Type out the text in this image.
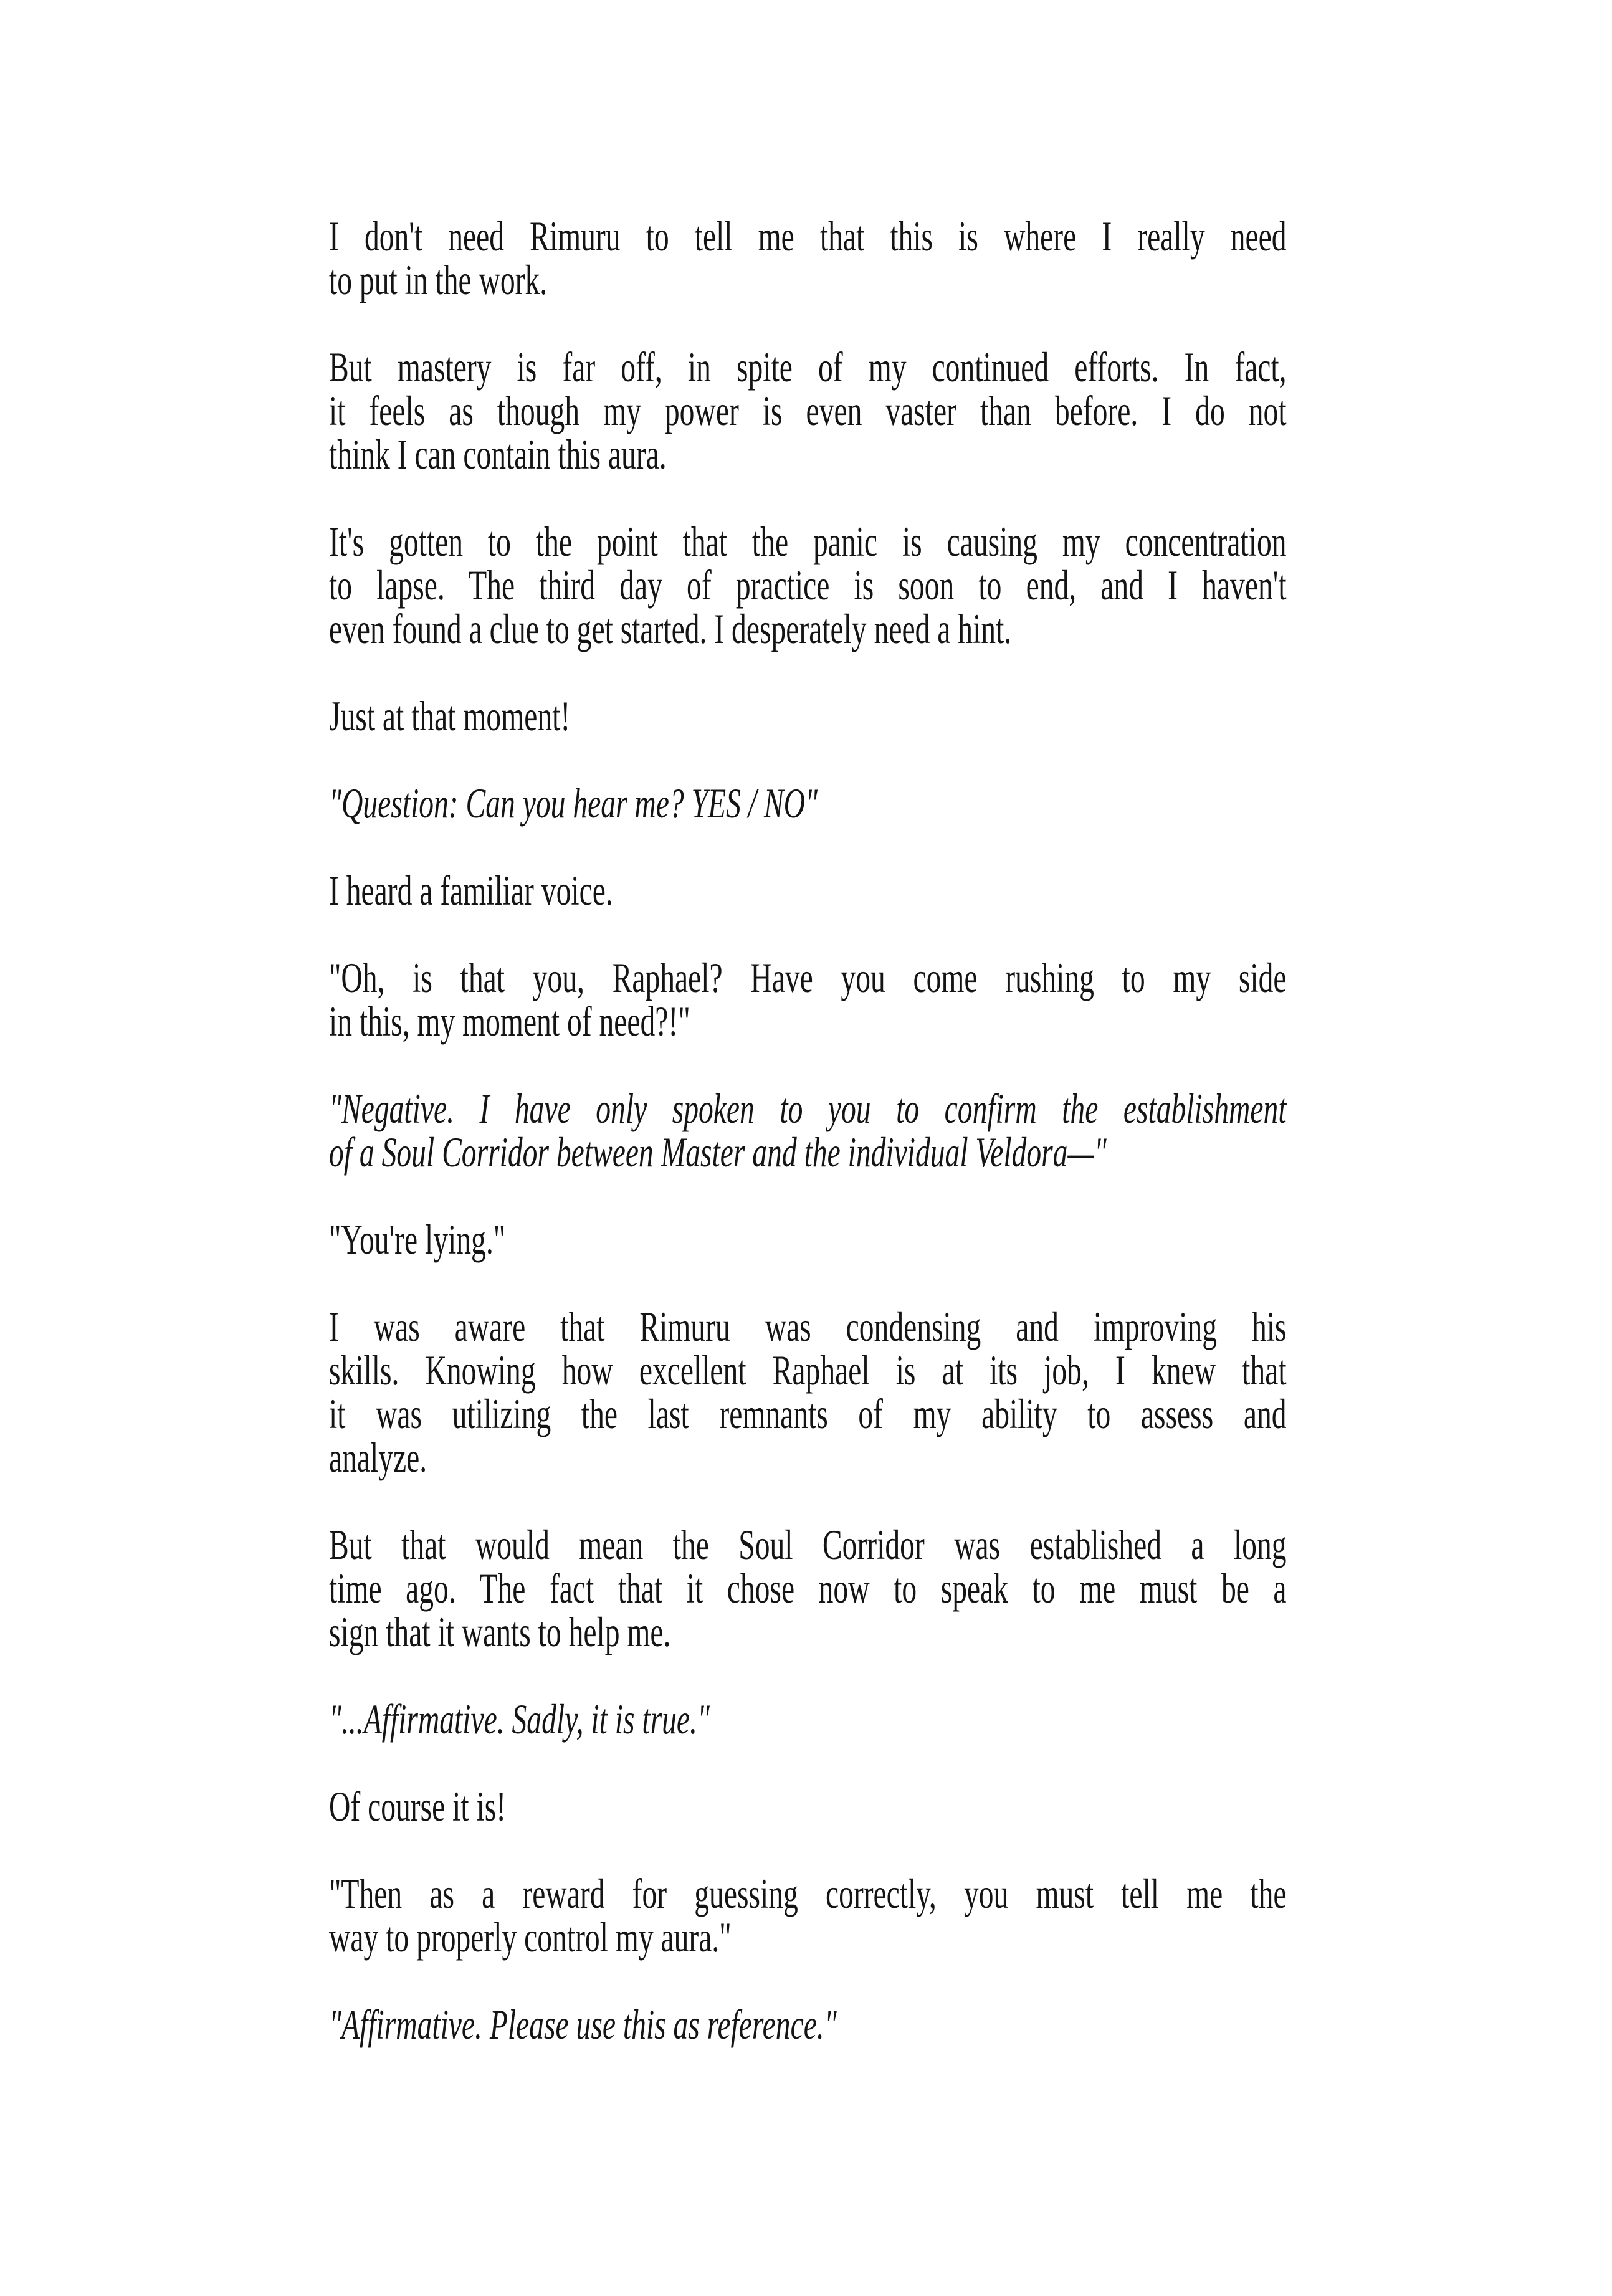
I don't need Rimuru to tell me that this is where I really need
to put in the work.

But mastery is far off, in spite of my continued efforts. In fact,
it feels as though my power is even vaster than before. I do not
think I can contain this aura.

It's gotten to the point that the panic is causing my concentration
to lapse. The third day of practice is soon to end, and I haven't
even found a clue to get started. I desperately need a hint.

Just at that moment!

"Question: Can you hear me? YES / NO"

I heard a familiar voice.

"Oh, is that you, Raphael? Have you come rushing to my side
in this, my moment of need?!"

"Negative. I have only spoken to you to confirm the establishment
of a Soul Corridor between Master and the individual Veldora—"

"You're lying."

I was aware that Rimuru was condensing and improving his
skills. Knowing how excellent Raphael is at its job, I knew that
it was utilizing the last remnants of my ability to assess and
analyze.

But that would mean the Soul Corridor was established a long
time ago. The fact that it chose now to speak to me must be a
sign that it wants to help me.

"...Affirmative. Sadly, it is true."

Of course it is!

"Then as a reward for guessing correctly, you must tell me the
way to properly control my aura."

"Affirmative. Please use this as reference."
